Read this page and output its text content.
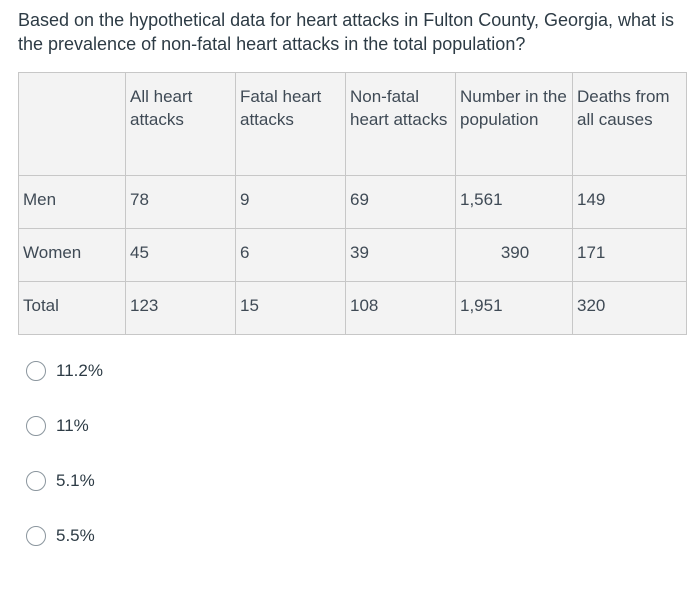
Based on the hypothetical data for heart attacks in Fulton County, Georgia, what is the prevalence of non-fatal heart attacks in the total population?
	All heart attacks	Fatal heart attacks	Non-fatal heart attacks	Number in the population	Deaths from all causes
Men	78	9	69	1,561	149
Women	45	6	39	390	171
Total	123	15	108	1,951	320
11.2%
11%
5.1%
5.5%
